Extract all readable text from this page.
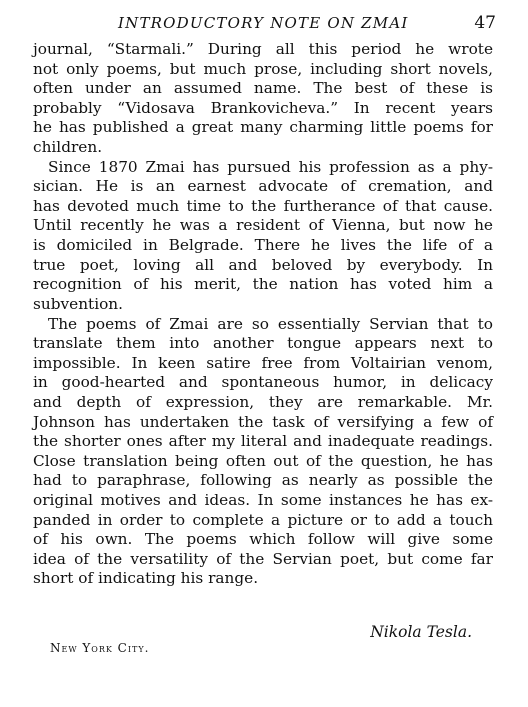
INTRODUCTORY NOTE ON ZMAI	47
journal, “Starmali.” During all this period he wrote
not only poems, but much prose, including short novels,
often under an assumed name. The best of these is
probably “Vidosava Brankovicheva.” In recent years
he has published a great many charming little poems for
children.
Since 1870 Zmai has pursued his profession as a phy-
sician. He is an earnest advocate of cremation, and
has devoted much time to the furtherance of that cause.
Until recently he was a resident of Vienna, but now he
is domiciled in Belgrade. There he lives the life of a
true poet, loving all and beloved by everybody. In
recognition of his merit, the nation has voted him a
subvention.
The poems of Zmai are so essentially Servian that to
translate them into another tongue appears next to
impossible. In keen satire free from Voltairian venom,
in good-hearted and spontaneous humor, in delicacy
and depth of expression, they are remarkable. Mr.
Johnson has undertaken the task of versifying a few of
the shorter ones after my literal and inadequate readings.
Close translation being often out of the question, he has
had to paraphrase, following as nearly as possible the
original motives and ideas. In some instances he has ex-
panded in order to complete a picture or to add a touch
of his own. The poems which follow will give some
idea of the versatility of the Servian poet, but come far
short of indicating his range.
Nikola Tesla.
New York City.
